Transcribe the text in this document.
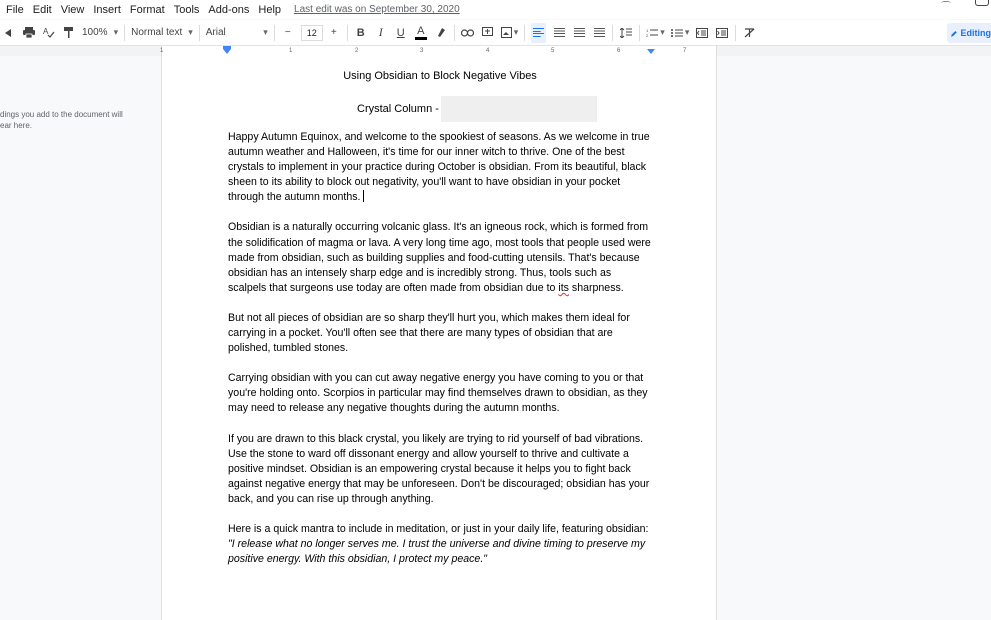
File Edit View Insert Format Tools Add-ons Help Last edit was on September 30, 2020	⌒
A	100% ▾ Normal text ▾ Arial	▾	−	12	+	B	I	U A	▾	1
2 ▾ ▾	Editing
1	1	2	3	4	5	6	7
dings you add to the document will
ear here.
Using Obsidian to Block Negative Vibes
Crystal Column -

Happy Autumn Equinox, and welcome to the spookiest of seasons. As we welcome in true autumn weather and Halloween, it's time for our inner witch to thrive. One of the best crystals to implement in your practice during October is obsidian. From its beautiful, black sheen to its ability to block out negativity, you'll want to have obsidian in your pocket through the autumn months.

Obsidian is a naturally occurring volcanic glass. It's an igneous rock, which is formed from the solidification of magma or lava. A very long time ago, most tools that people used were made from obsidian, such as building supplies and food-cutting utensils. That's because obsidian has an intensely sharp edge and is incredibly strong. Thus, tools such as scalpels that surgeons use today are often made from obsidian due to its sharpness.

But not all pieces of obsidian are so sharp they'll hurt you, which makes them ideal for carrying in a pocket. You'll often see that there are many types of obsidian that are polished, tumbled stones.

Carrying obsidian with you can cut away negative energy you have coming to you or that you're holding onto. Scorpios in particular may find themselves drawn to obsidian, as they may need to release any negative thoughts during the autumn months.

If you are drawn to this black crystal, you likely are trying to rid yourself of bad vibrations. Use the stone to ward off dissonant energy and allow yourself to thrive and cultivate a positive mindset. Obsidian is an empowering crystal because it helps you to fight back against negative energy that may be unforeseen. Don't be discouraged; obsidian has your back, and you can rise up through anything.

Here is a quick mantra to include in meditation, or just in your daily life, featuring obsidian:  "I release what no longer serves me. I trust the universe and divine timing to preserve my positive energy. With this obsidian, I protect my peace."
